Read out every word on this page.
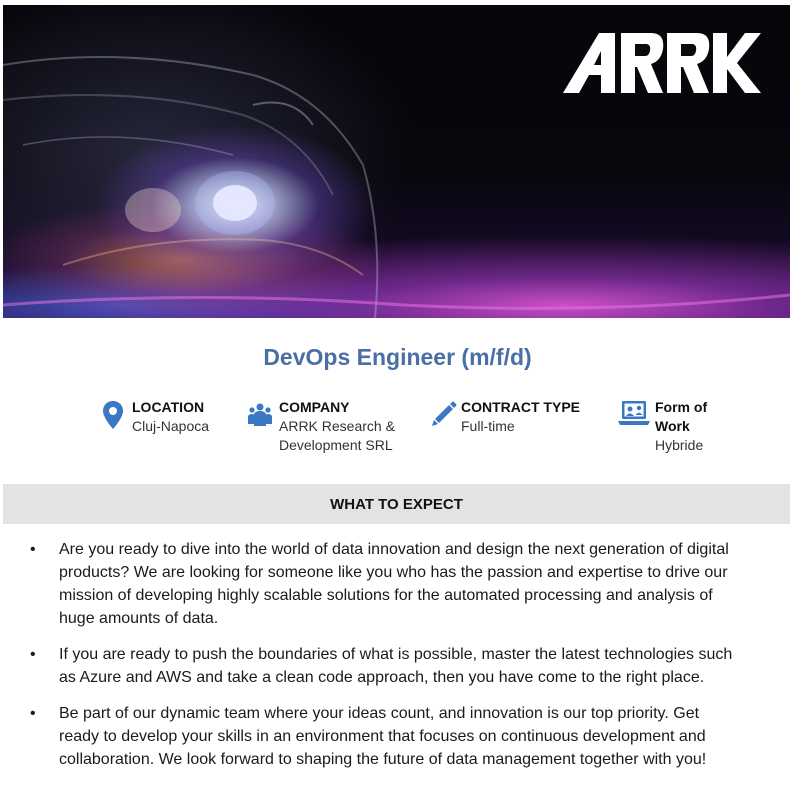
DevOps Engineer (m/f/d)
LOCATION
Cluj-Napoca
COMPANY
ARRK Research &
Development SRL
CONTRACT TYPE
Full-time
Form of
Work
Hybride
WHAT TO EXPECT
• Are you ready to dive into the world of data innovation and design the next generation of digital
products? We are looking for someone like you who has the passion and expertise to drive our
mission of developing highly scalable solutions for the automated processing and analysis of
huge amounts of data.
• If you are ready to push the boundaries of what is possible, master the latest technologies such
as Azure and AWS and take a clean code approach, then you have come to the right place.
• Be part of our dynamic team where your ideas count, and innovation is our top priority. Get
ready to develop your skills in an environment that focuses on continuous development and
collaboration. We look forward to shaping the future of data management together with you!
